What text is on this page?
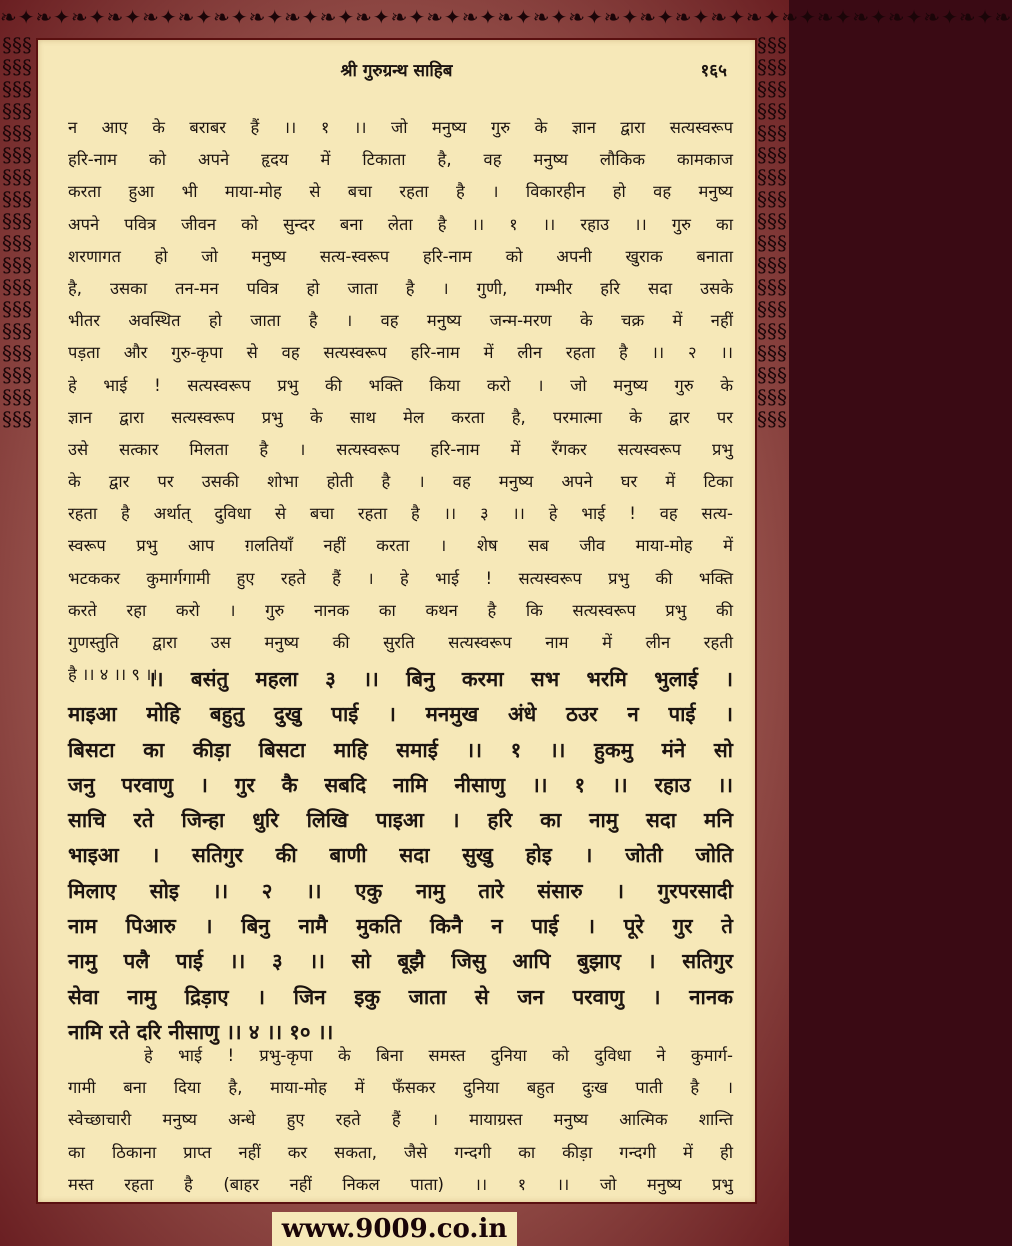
❧✦❧✦❧✦❧✦❧✦❧✦❧✦❧✦❧✦❧✦❧✦❧✦❧✦❧✦❧✦❧✦❧✦❧✦❧✦❧✦❧✦❧✦❧✦❧✦❧✦❧✦❧✦❧✦❧
§§§§§§§§§§§§§§§§§§§§§§§§§§§§§§§§§§§§§§§§§§§§§§§§§§§§§§
§§§§§§§§§§§§§§§§§§§§§§§§§§§§§§§§§§§§§§§§§§§§§§§§§§§§§§
श्री गुरुग्रन्थ साहिब	१६५
न आए के बराबर हैं ।। १ ।। जो मनुष्य गुरु के ज्ञान द्वारा सत्यस्वरूप
हरि-नाम को अपने हृदय में टिकाता है, वह मनुष्य लौकिक कामकाज
करता हुआ भी माया-मोह से बचा रहता है । विकारहीन हो वह मनुष्य
अपने पवित्र जीवन को सुन्दर बना लेता है ।। १ ।। रहाउ ।। गुरु का
शरणागत हो जो मनुष्य सत्य-स्वरूप हरि-नाम को अपनी खुराक बनाता
है, उसका तन-मन पवित्र हो जाता है । गुणी, गम्भीर हरि सदा उसके
भीतर अवस्थित हो जाता है । वह मनुष्य जन्म-मरण के चक्र में नहीं
पड़ता और गुरु-कृपा से वह सत्यस्वरूप हरि-नाम में लीन रहता है ।। २ ।।
हे भाई ! सत्यस्वरूप प्रभु की भक्ति किया करो । जो मनुष्य गुरु के
ज्ञान द्वारा सत्यस्वरूप प्रभु के साथ मेल करता है, परमात्मा के द्वार पर
उसे सत्कार मिलता है । सत्यस्वरूप हरि-नाम में रँगकर सत्यस्वरूप प्रभु
के द्वार पर उसकी शोभा होती है । वह मनुष्य अपने घर में टिका
रहता है अर्थात् दुविधा से बचा रहता है ।। ३ ।। हे भाई ! वह सत्य-
स्वरूप प्रभु आप ग़लतियाँ नहीं करता । शेष सब जीव माया-मोह में
भटककर कुमार्गगामी हुए रहते हैं । हे भाई ! सत्यस्वरूप प्रभु की भक्ति
करते रहा करो । गुरु नानक का कथन है कि सत्यस्वरूप प्रभु की
गुणस्तुति द्वारा उस मनुष्य की सुरति सत्यस्वरूप नाम में लीन रहती
है ।। ४ ।। ९ ।।
।। बसंतु महला ३ ।। बिनु करमा सभ भरमि भुलाई ।
माइआ मोहि बहुतु दुखु पाई । मनमुख अंधे ठउर न पाई ।
बिसटा का कीड़ा बिसटा माहि समाई ।। १ ।। हुकमु मंने सो
जनु परवाणु । गुर कै सबदि नामि नीसाणु ।। १ ।। रहाउ ।।
साचि रते जिन्हा धुरि लिखि पाइआ । हरि का नामु सदा मनि
भाइआ । सतिगुर की बाणी सदा सुखु होइ । जोती जोति
मिलाए सोइ ।। २ ।। एकु नामु तारे संसारु । गुरपरसादी
नाम पिआरु । बिनु नामै मुकति किनै न पाई । पूरे गुर ते
नामु पलै पाई ।। ३ ।। सो बूझै जिसु आपि बुझाए । सतिगुर
सेवा नामु द्रिड़ाए । जिन इकु जाता से जन परवाणु । नानक
नामि रते दरि नीसाणु ।। ४ ।। १० ।।
हे भाई ! प्रभु-कृपा के बिना समस्त दुनिया को दुविधा ने कुमार्ग-
गामी बना दिया है, माया-मोह में फँसकर दुनिया बहुत दुःख पाती है ।
स्वेच्छाचारी मनुष्य अन्धे हुए रहते हैं । मायाग्रस्त मनुष्य आत्मिक शान्ति
का ठिकाना प्राप्त नहीं कर सकता, जैसे गन्दगी का कीड़ा गन्दगी में ही
मस्त रहता है (बाहर नहीं निकल पाता) ।। १ ।। जो मनुष्य प्रभु
www.9009.co.in
